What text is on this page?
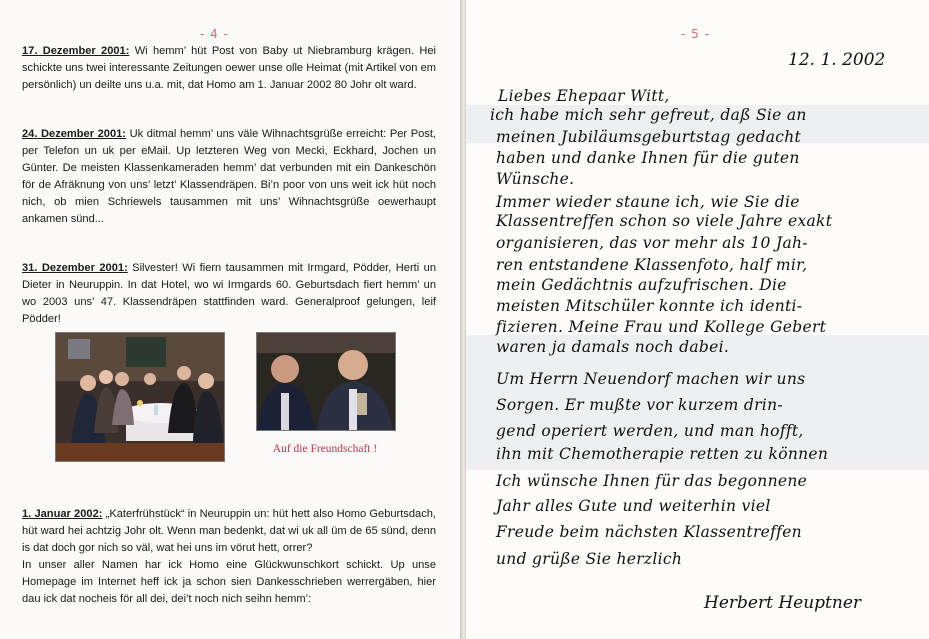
- 4 -
17. Dezember 2001: Wi hemm’ hüt Post von Baby ut Niebramburg krägen. Hei schickte uns twei interessante Zeitungen oewer unse olle Heimat (mit Artikel von em persönlich) un deilte uns u.a. mit, dat Homo am 1. Januar 2002 80 Johr olt ward.
24. Dezember 2001: Uk ditmal hemm’ uns väle Wihnachtsgrüße erreicht: Per Post, per Telefon un uk per eMail. Up letzteren Weg von Mecki, Eckhard, Jochen un Günter. De meisten Klassenkameraden hemm’ dat verbunden mit ein Dankeschön för de Afräknung von uns’ letzt’ Klassendräpen. Bi’n poor von uns weit ick hüt noch nich, ob mien Schriewels tausammen mit uns’ Wihnachtsgrüße oewerhaupt ankamen sünd...
31. Dezember 2001: Silvester! Wi fiern tausammen mit Irmgard, Pödder, Herti un Dieter in Neuruppin. In dat Hotel, wo wi Irmgards 60. Geburtsdach fiert hemm’ un wo 2003 uns’ 47. Klassendräpen stattfinden ward. Generalproof gelungen, leif Pödder!
Auf die Freundschaft !

1. Januar 2002: „Katerfrühstück“ in Neuruppin un: hüt hett also Homo Geburtsdach, hüt ward hei achtzig Johr olt. Wenn man bedenkt, dat wi uk all üm de 65 sünd, denn is dat doch gor nich so väl, wat hei uns im vörut hett, orrer?
In unser aller Namen har ick Homo eine Glückwunschkort schickt. Up unse Homepage im Internet heff ick ja schon sien Dankesschrieben werrergäben, hier dau ick dat nocheis för all dei, dei’t noch nich seihn hemm’:

- 5 -
12. 1. 2002
Liebes Ehepaar Witt,
ich habe mich sehr gefreut, daß Sie an
meinen Jubiläumsgeburtstag gedacht
haben und danke Ihnen für die guten
Wünsche.
Immer wieder staune ich, wie Sie die
Klassentreffen schon so viele Jahre exakt
organisieren, das vor mehr als 10 Jah-
ren entstandene Klassenfoto, half mir,
mein Gedächtnis aufzufrischen. Die
meisten Mitschüler konnte ich identi-
fizieren. Meine Frau und Kollege Gebert
waren ja damals noch dabei.
Um Herrn Neuendorf machen wir uns
Sorgen. Er mußte vor kurzem drin-
gend operiert werden, und man hofft,
ihn mit Chemotherapie retten zu können
Ich wünsche Ihnen für das begonnene
Jahr alles Gute und weiterhin viel
Freude beim nächsten Klassentreffen
und grüße Sie herzlich
Herbert Heuptner
